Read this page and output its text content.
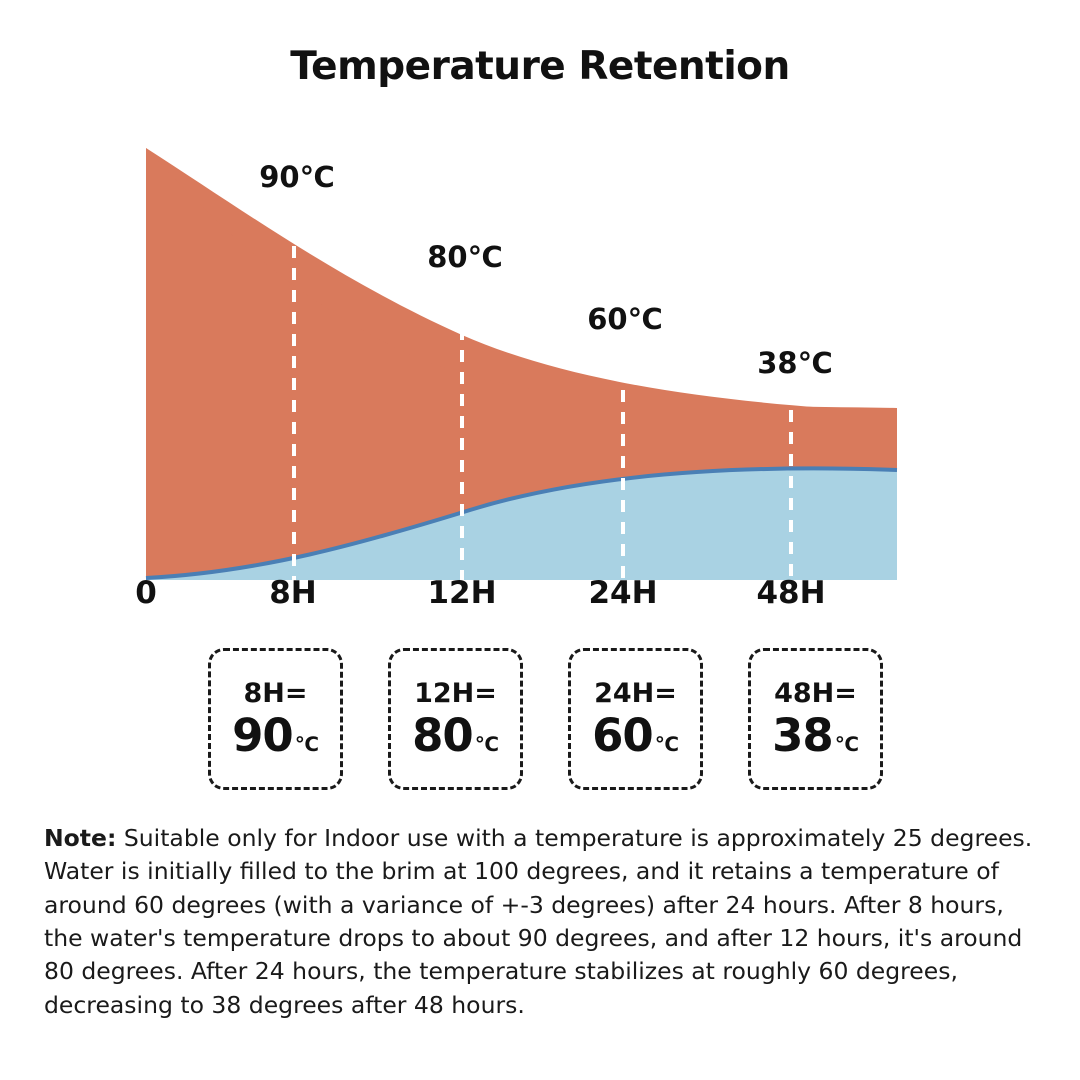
Temperature Retention
90℃
80℃
60℃
38℃
0	8H	12H	24H	48H
8H=
90 ℃
12H=
80 ℃
24H=
60 ℃
48H=
38 ℃
Note: Suitable only for Indoor use with a temperature is approximately 25 degrees. Water is initially filled to the brim at 100 degrees, and it retains a temperature of around 60 degrees (with a variance of +-3 degrees) after 24 hours. After 8 hours, the water's temperature drops to about 90 degrees, and after 12 hours, it's around 80 degrees. After 24 hours, the temperature stabilizes at roughly 60 degrees, decreasing to 38 degrees after 48 hours.
